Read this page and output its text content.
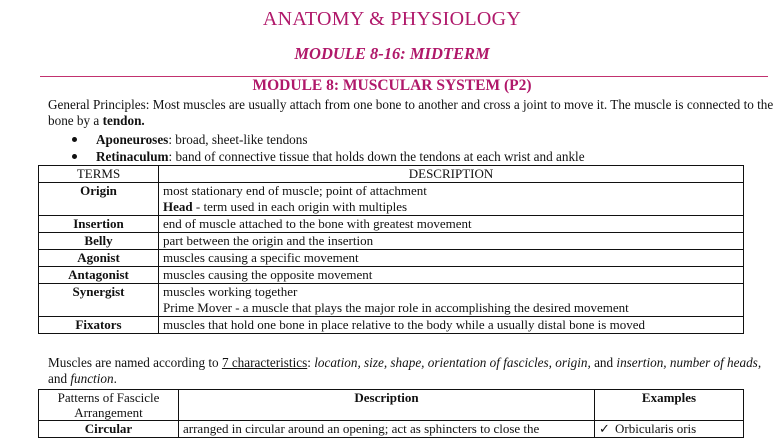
ANATOMY & PHYSIOLOGY
MODULE 8-16: MIDTERM
MODULE 8: MUSCULAR SYSTEM (P2)
General Principles: Most muscles are usually attach from one bone to another and cross a joint to move it. The muscle is connected to the bone by a tendon.
Aponeuroses: broad, sheet-like tendons
Retinaculum: band of connective tissue that holds down the tendons at each wrist and ankle
TERMS	DESCRIPTION
Origin	most stationary end of muscle; point of attachment
Head - term used in each origin with multiples

Insertion	end of muscle attached to the bone with greatest movement
Belly	part between the origin and the insertion
Agonist	muscles causing a specific movement
Antagonist	muscles causing the opposite movement
Synergist	muscles working together
Prime Mover - a muscle that plays the major role in accomplishing the desired movement

Fixators	muscles that hold one bone in place relative to the body while a usually distal bone is moved
Muscles are named according to 7 characteristics: location, size, shape, orientation of fascicles, origin, and insertion, number of heads, and function.
Patterns of Fascicle Arrangement	Description	Examples
Circular	arranged in circular around an opening; act as sphincters to close the	✓ Orbicularis oris
